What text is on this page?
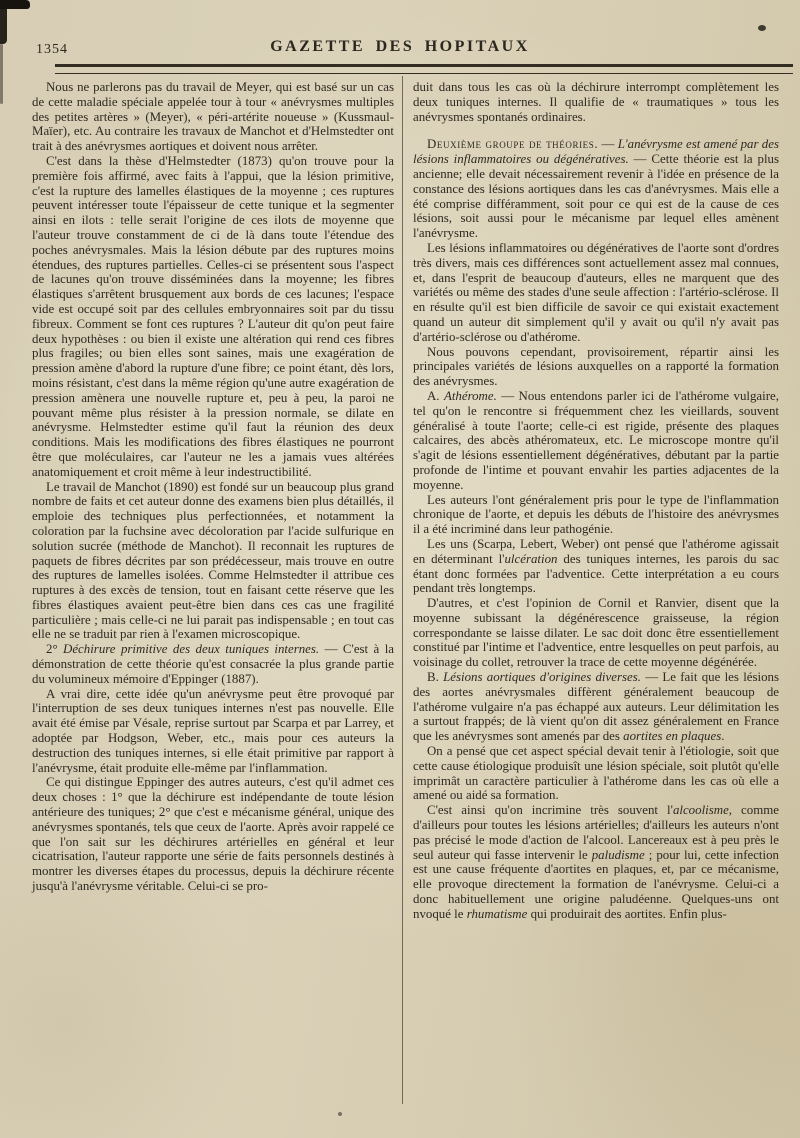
1354	GAZETTE DES HOPITAUX

Nous ne parlerons pas du travail de Meyer, qui est basé sur un cas de cette maladie spéciale appelée tour à tour « anévrysmes multiples des petites artères » (Meyer), « péri-artérite noueuse » (Kussmaul-Maïer), etc. Au contraire les travaux de Manchot et d'Helmstedter ont trait à des anévrysmes aortiques et doivent nous arrêter.

C'est dans la thèse d'Helmstedter (1873) qu'on trouve pour la première fois affirmé, avec faits à l'appui, que la lésion primitive, c'est la rupture des lamelles élastiques de la moyenne ; ces ruptures peuvent intéresser toute l'épaisseur de cette tunique et la segmenter ainsi en ilots : telle serait l'origine de ces ilots de moyenne que l'auteur trouve constamment de ci de là dans toute l'étendue des poches anévrysmales. Mais la lésion débute par des ruptures moins étendues, des ruptures partielles. Celles-ci se présentent sous l'aspect de lacunes qu'on trouve disséminées dans la moyenne; les fibres élastiques s'arrêtent brusquement aux bords de ces lacunes; l'espace vide est occupé soit par des cellules embryonnaires soit par du tissu fibreux. Comment se font ces ruptures ? L'auteur dit qu'on peut faire deux hypothèses : ou bien il existe une altération qui rend ces fibres plus fragiles; ou bien elles sont saines, mais une exagération de pression amène d'abord la rupture d'une fibre; ce point étant, dès lors, moins résistant, c'est dans la même région qu'une autre exagération de pression amènera une nouvelle rupture et, peu à peu, la paroi ne pouvant même plus résister à la pression normale, se dilate en anévrysme. Helmstedter estime qu'il faut la réunion des deux conditions. Mais les modifications des fibres élastiques ne pourront être que moléculaires, car l'auteur ne les a jamais vues altérées anatomiquement et croit même à leur indestructibilité.

Le travail de Manchot (1890) est fondé sur un beaucoup plus grand nombre de faits et cet auteur donne des examens bien plus détaillés, il emploie des techniques plus perfectionnées, et notamment la coloration par la fuchsine avec décoloration par l'acide sulfurique en solution sucrée (méthode de Manchot). Il reconnait les ruptures de paquets de fibres décrites par son prédécesseur, mais trouve en outre des ruptures de lamelles isolées. Comme Helmstedter il attribue ces ruptures à des excès de tension, tout en faisant cette réserve que les fibres élastiques avaient peut-être bien dans ces cas une fragilité particulière ; mais celle-ci ne lui parait pas indispensable ; en tout cas elle ne se traduit par rien à l'examen microscopique.

2° Déchirure primitive des deux tuniques internes. — C'est à la démonstration de cette théorie qu'est consacrée la plus grande partie du volumineux mémoire d'Eppinger (1887).

A vrai dire, cette idée qu'un anévrysme peut être provoqué par l'interruption de ses deux tuniques internes n'est pas nouvelle. Elle avait été émise par Vésale, reprise surtout par Scarpa et par Larrey, et adoptée par Hodgson, Weber, etc., mais pour ces auteurs la destruction des tuniques internes, si elle était primitive par rapport à l'anévrysme, était produite elle-même par l'inflammation.

Ce qui distingue Eppinger des autres auteurs, c'est qu'il admet ces deux choses : 1° que la déchirure est indépendante de toute lésion antérieure des tuniques; 2° que c'est e mécanisme général, unique des anévrysmes spontanés, tels que ceux de l'aorte. Après avoir rappelé ce que l'on sait sur les déchirures artérielles en général et leur cicatrisation, l'auteur rapporte une série de faits personnels destinés à montrer les diverses étapes du processus, depuis la déchirure récente jusqu'à l'anévrysme véritable. Celui-ci se pro-

duit dans tous les cas où la déchirure interrompt complètement les deux tuniques internes. Il qualifie de « traumatiques » tous les anévrysmes spontanés ordinaires.

Deuxième groupe de théories. — L'anévrysme est amené par des lésions inflammatoires ou dégénératives. — Cette théorie est la plus ancienne; elle devait nécessairement revenir à l'idée en présence de la constance des lésions aortiques dans les cas d'anévrysmes. Mais elle a été comprise différamment, soit pour ce qui est de la cause de ces lésions, soit aussi pour le mécanisme par lequel elles amènent l'anévrysme.

Les lésions inflammatoires ou dégénératives de l'aorte sont d'ordres très divers, mais ces différences sont actuellement assez mal connues, et, dans l'esprit de beaucoup d'auteurs, elles ne marquent que des variétés ou même des stades d'une seule affection : l'artério-sclérose. Il en résulte qu'il est bien difficile de savoir ce qui existait exactement quand un auteur dit simplement qu'il y avait ou qu'il n'y avait pas d'artério-sclérose ou d'athérome.

Nous pouvons cependant, provisoirement, répartir ainsi les principales variétés de lésions auxquelles on a rapporté la formation des anévrysmes.

A. Athérome. — Nous entendons parler ici de l'athérome vulgaire, tel qu'on le rencontre si fréquemment chez les vieillards, souvent généralisé à toute l'aorte; celle-ci est rigide, présente des plaques calcaires, des abcès athéromateux, etc. Le microscope montre qu'il s'agit de lésions essentiellement dégénératives, débutant par la partie profonde de l'intime et pouvant envahir les parties adjacentes de la moyenne.

Les auteurs l'ont généralement pris pour le type de l'inflammation chronique de l'aorte, et depuis les débuts de l'histoire des anévrysmes il a été incriminé dans leur pathogénie.

Les uns (Scarpa, Lebert, Weber) ont pensé que l'athérome agissait en déterminant l'ulcération des tuniques internes, les parois du sac étant donc formées par l'adventice. Cette interprétation a eu cours pendant très longtemps.

D'autres, et c'est l'opinion de Cornil et Ranvier, disent que la moyenne subissant la dégénérescence graisseuse, la région correspondante se laisse dilater. Le sac doit donc être essentiellement constitué par l'intime et l'adventice, entre lesquelles on peut parfois, au voisinage du collet, retrouver la trace de cette moyenne dégénérée.

B. Lésions aortiques d'origines diverses. — Le fait que les lésions des aortes anévrysmales diffèrent généralement beaucoup de l'athérome vulgaire n'a pas échappé aux auteurs. Leur délimitation les a surtout frappés; de là vient qu'on dit assez généralement en France que les anévrysmes sont amenés par des aortites en plaques.

On a pensé que cet aspect spécial devait tenir à l'étiologie, soit que cette cause étiologique produisît une lésion spéciale, soit plutôt qu'elle imprimât un caractère particulier à l'athérome dans les cas où elle a amené ou aidé sa formation.

C'est ainsi qu'on incrimine très souvent l'alcoolisme, comme d'ailleurs pour toutes les lésions artérielles; d'ailleurs les auteurs n'ont pas précisé le mode d'action de l'alcool. Lancereaux est à peu près le seul auteur qui fasse intervenir le paludisme ; pour lui, cette infection est une cause fréquente d'aortites en plaques, et, par ce mécanisme, elle provoque directement la formation de l'anévrysme. Celui-ci a donc habituellement une origine paludéenne. Quelques-uns ont nvoqué le rhumatisme qui produirait des aortites. Enfin plus-
